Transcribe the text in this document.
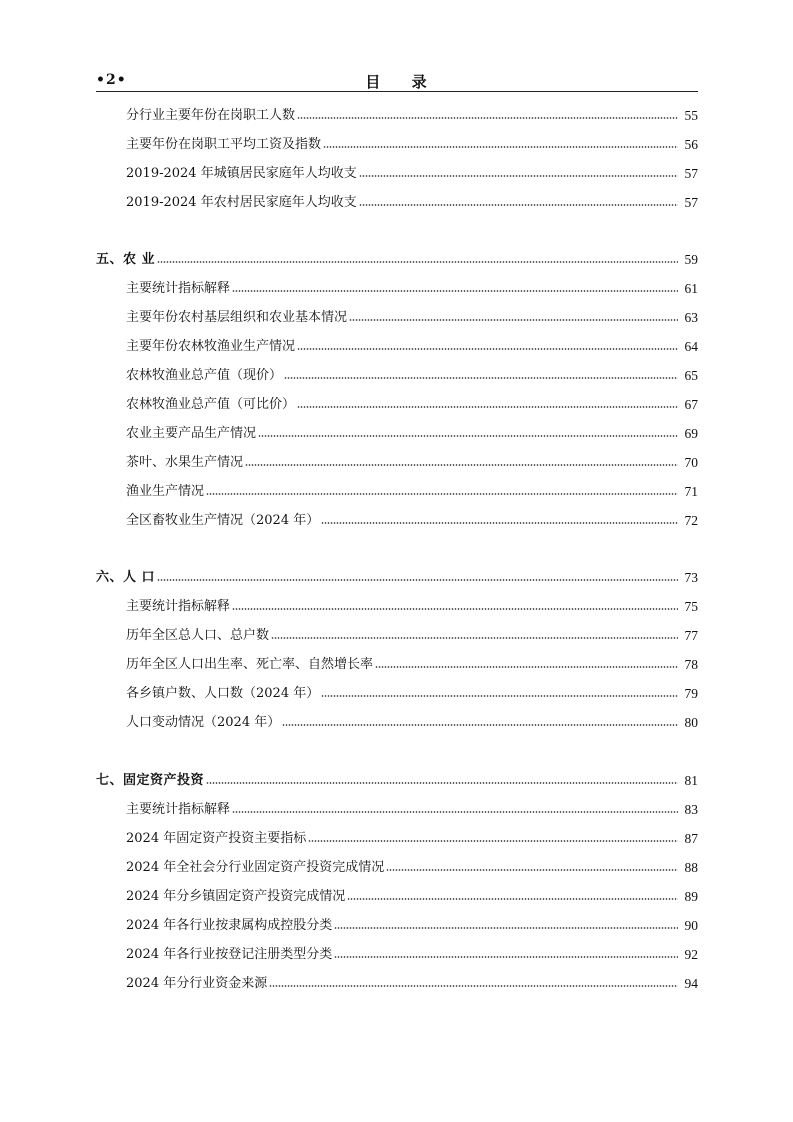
•2•	目 录
分行业主要年份在岗职工人数	55
主要年份在岗职工平均工资及指数	56
2019-2024 年城镇居民家庭年人均收支	57
2019-2024 年农村居民家庭年人均收支	57
五、农 业	59
主要统计指标解释	61
主要年份农村基层组织和农业基本情况	63
主要年份农林牧渔业生产情况	64
农林牧渔业总产值（现价）	65
农林牧渔业总产值（可比价）	67
农业主要产品生产情况	69
茶叶、水果生产情况	70
渔业生产情况	71
全区畜牧业生产情况（2024 年）	72
六、人 口	73
主要统计指标解释	75
历年全区总人口、总户数	77
历年全区人口出生率、死亡率、自然增长率	78
各乡镇户数、人口数（2024 年）	79
人口变动情况（2024 年）	80
七、固定资产投资	81
主要统计指标解释	83
2024 年固定资产投资主要指标	87
2024 年全社会分行业固定资产投资完成情况	88
2024 年分乡镇固定资产投资完成情况	89
2024 年各行业按隶属构成控股分类	90
2024 年各行业按登记注册类型分类	92
2024 年分行业资金来源	94
